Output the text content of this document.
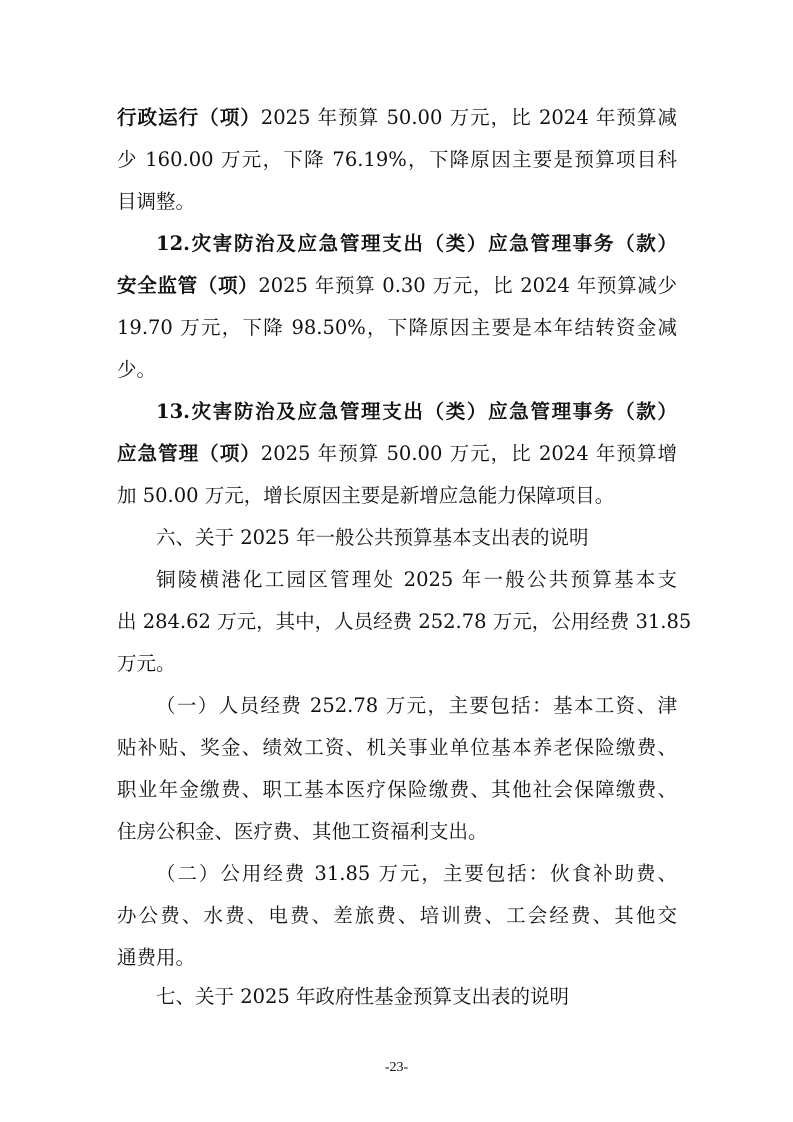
行政运行（项）2025 年预算 50.00 万元，比 2024 年预算减
少 160.00 万元，下降 76.19%，下降原因主要是预算项目科
目调整。
12.灾害防治及应急管理支出（类）应急管理事务（款）
安全监管（项）2025 年预算 0.30 万元，比 2024 年预算减少
19.70 万元，下降 98.50%，下降原因主要是本年结转资金减
少。
13.灾害防治及应急管理支出（类）应急管理事务（款）
应急管理（项）2025 年预算 50.00 万元，比 2024 年预算增
加 50.00 万元，增长原因主要是新增应急能力保障项目。
六、关于 2025 年一般公共预算基本支出表的说明
铜陵横港化工园区管理处 2025 年一般公共预算基本支
出 284.62 万元，其中，人员经费 252.78 万元，公用经费 31.85
万元。
（一）人员经费 252.78 万元，主要包括：基本工资、津
贴补贴、奖金、绩效工资、机关事业单位基本养老保险缴费、
职业年金缴费、职工基本医疗保险缴费、其他社会保障缴费、
住房公积金、医疗费、其他工资福利支出。
（二）公用经费 31.85 万元，主要包括：伙食补助费、
办公费、水费、电费、差旅费、培训费、工会经费、其他交
通费用。
七、关于 2025 年政府性基金预算支出表的说明
-23-
